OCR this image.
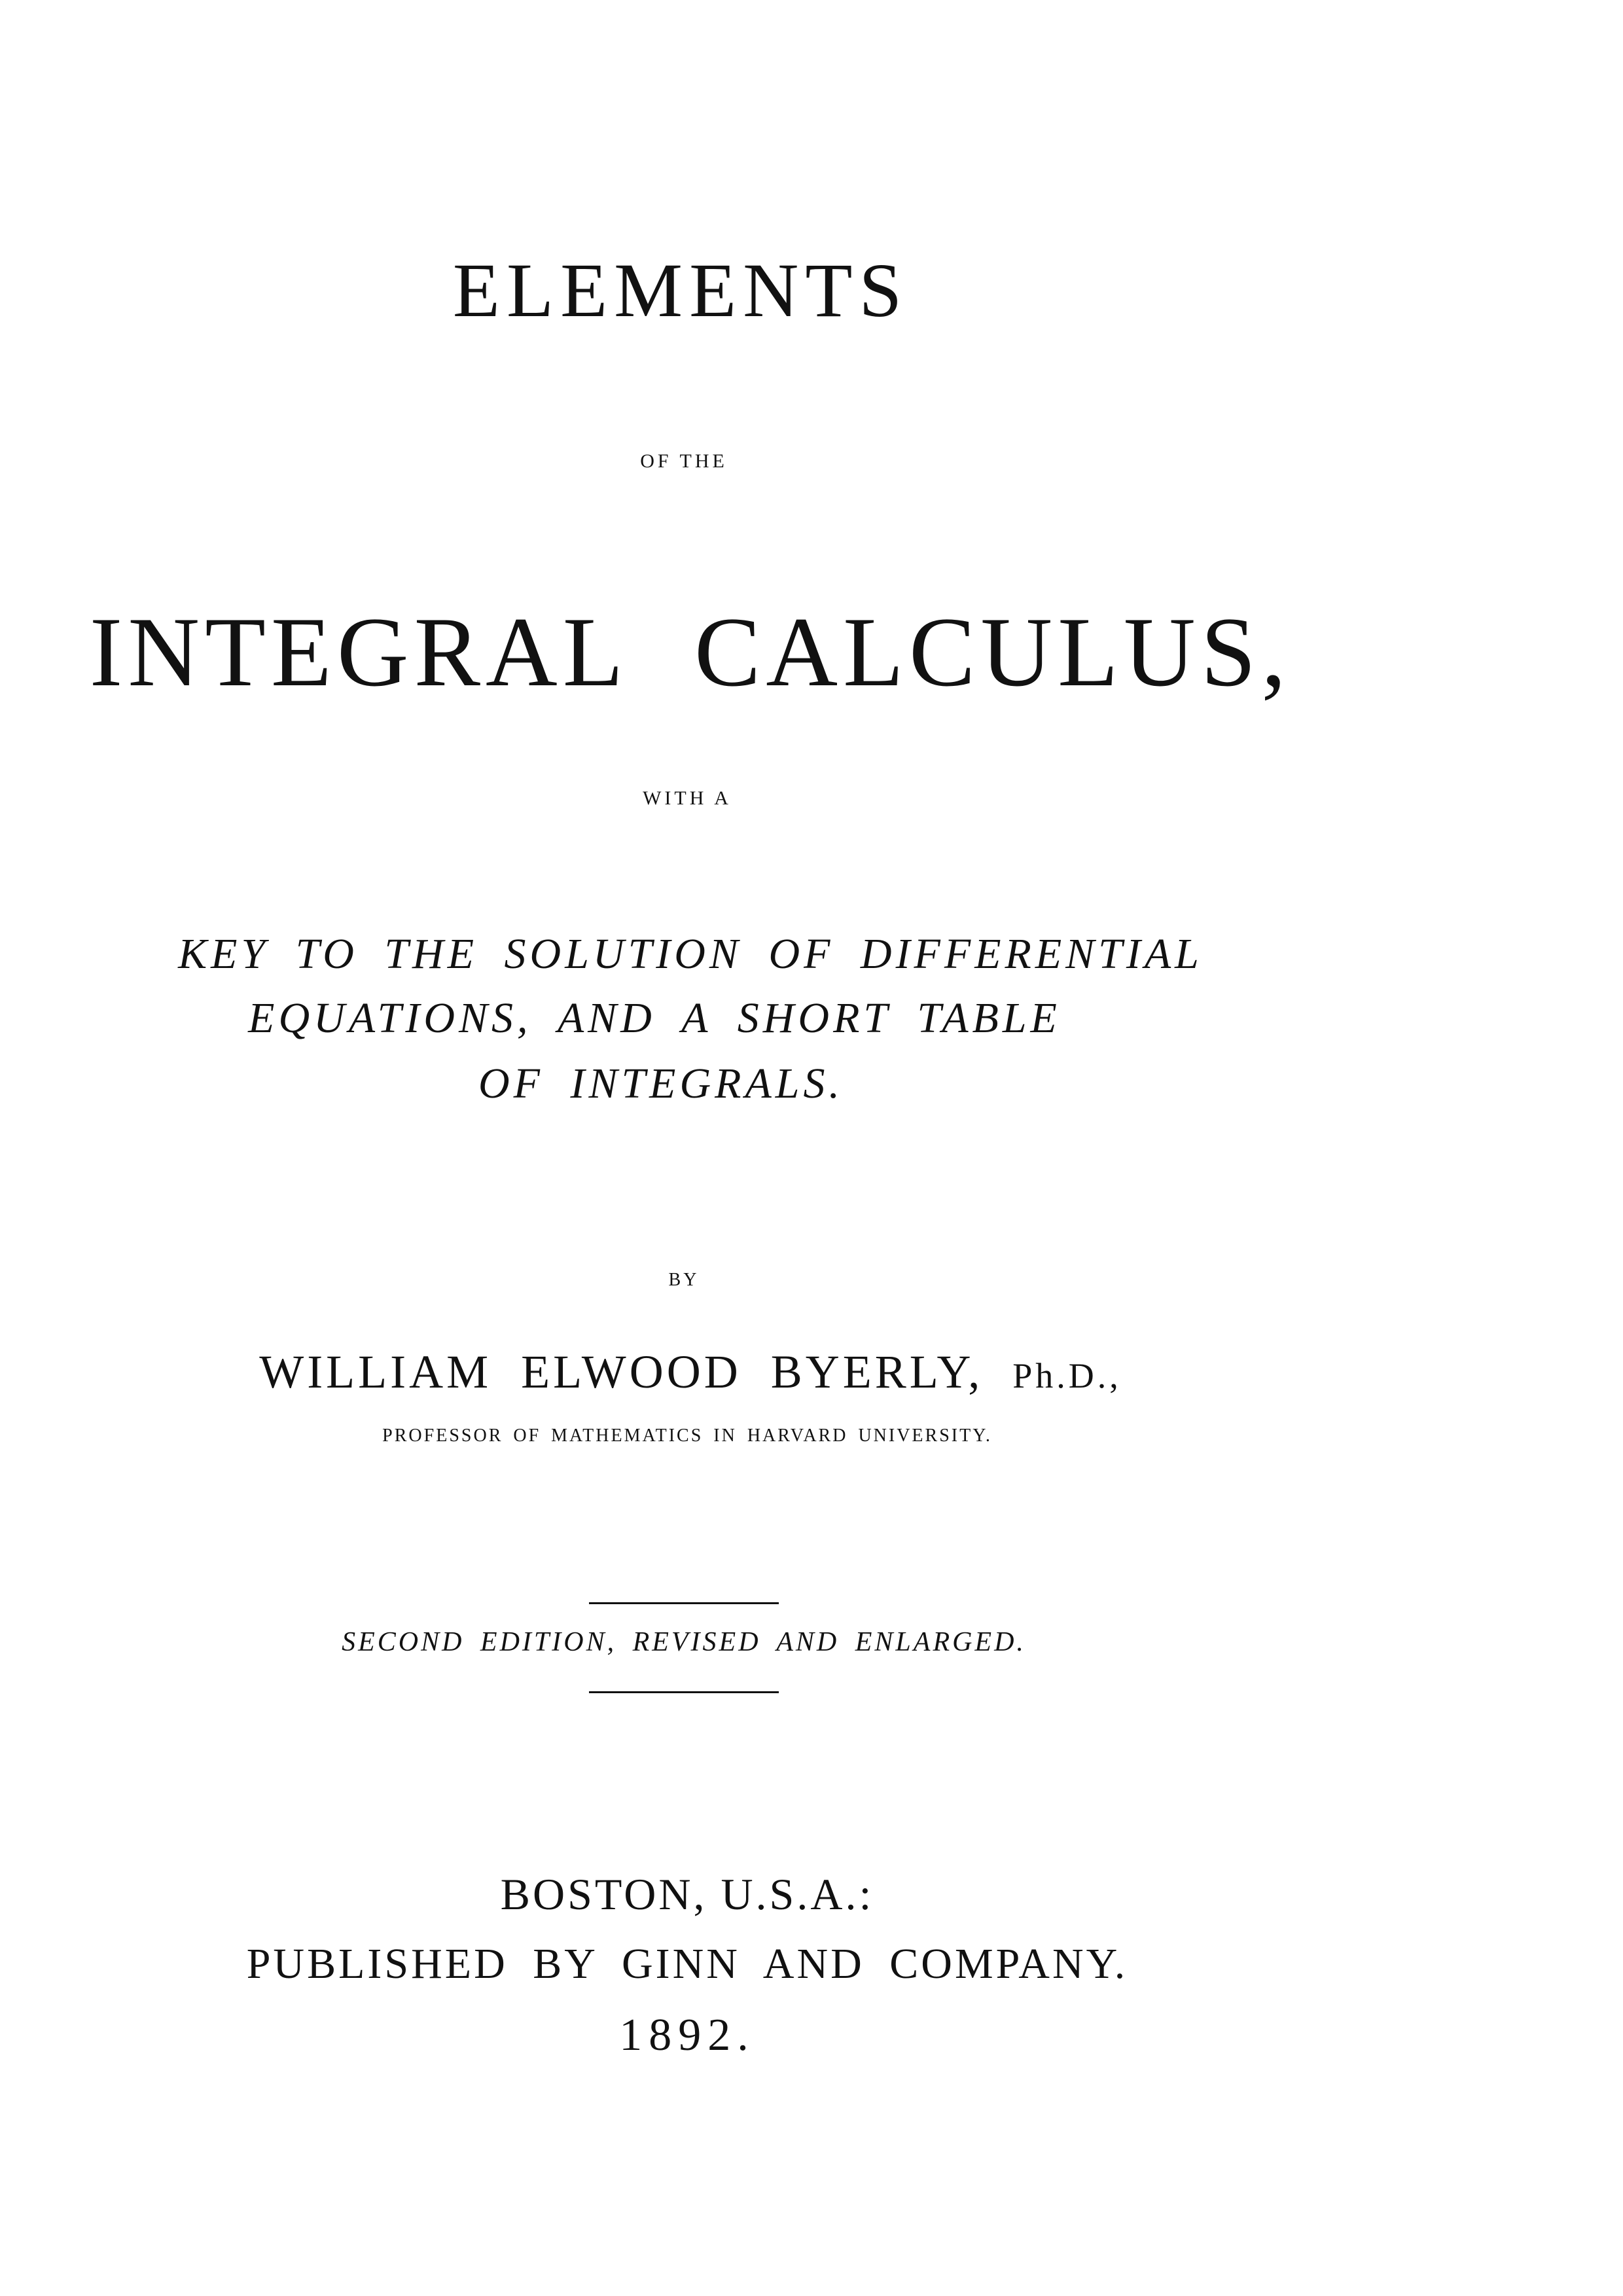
ELEMENTS
OF THE
INTEGRAL CALCULUS,
WITH A
KEY TO THE SOLUTION OF DIFFERENTIAL
EQUATIONS, AND A SHORT TABLE
OF INTEGRALS.
BY
WILLIAM ELWOOD BYERLY, Ph.D.,
PROFESSOR OF MATHEMATICS IN HARVARD UNIVERSITY.
SECOND EDITION, REVISED AND ENLARGED.
BOSTON, U.S.A.:
PUBLISHED BY GINN AND COMPANY.
1892.
